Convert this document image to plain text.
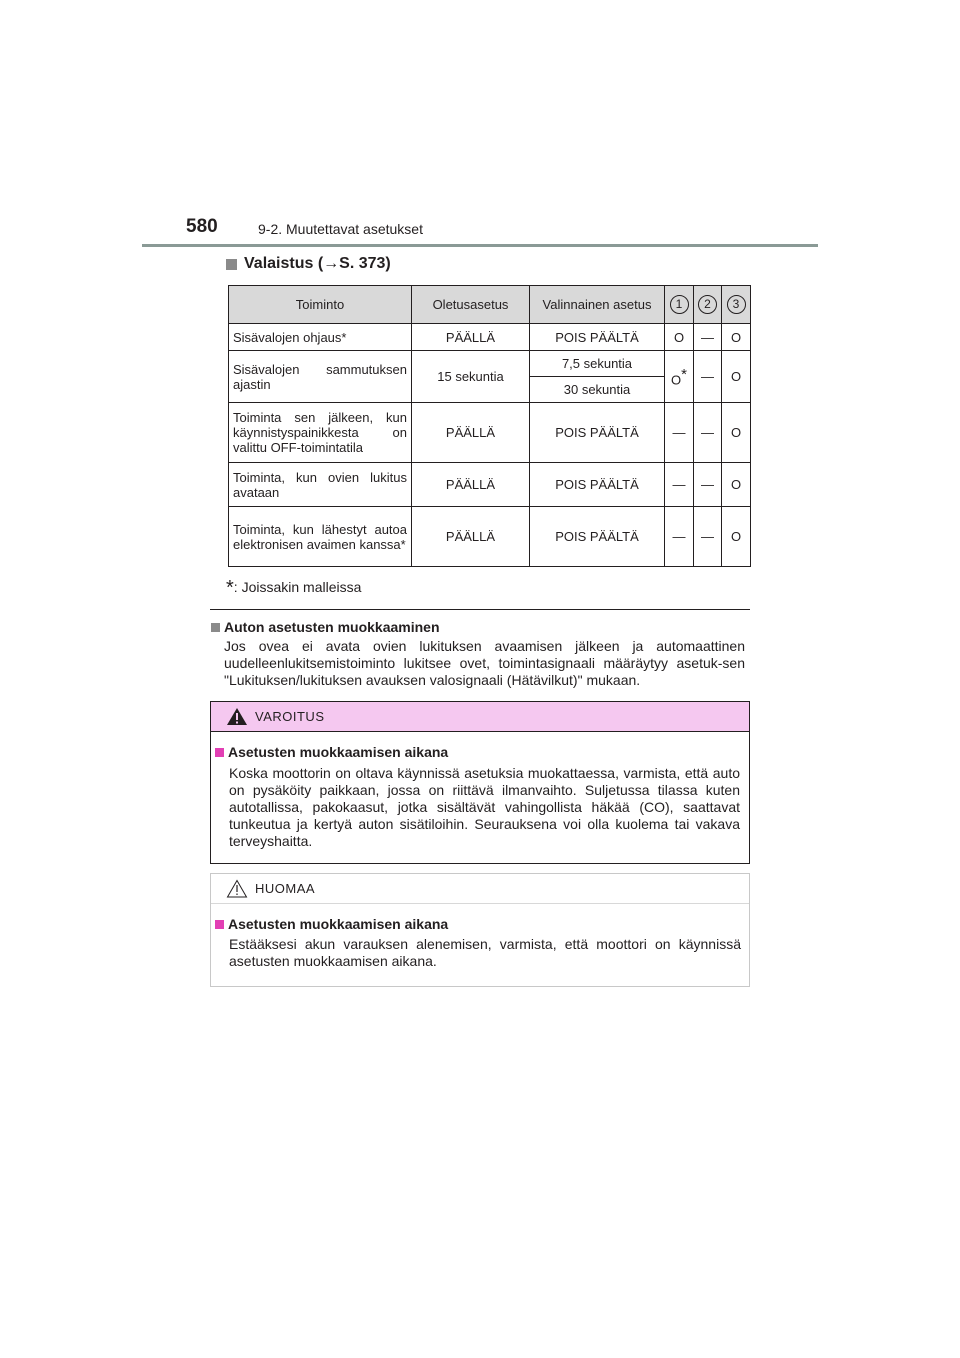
580	9-2. Muutettavat asetukset
Valaistus (→S. 373)
Toiminto	Oletusasetus	Valinnainen asetus	1	2	3
Sisävalojen ohjaus*	PÄÄLLÄ	POIS PÄÄLTÄ	O	—	O
Sisävalojen sammutuksen ajastin	15 sekuntia	7,5 sekuntia	O*	—	O
		30 sekuntia			
Toiminta sen jälkeen, kun käynnistyspainikkesta on valittu OFF-toimintatila	PÄÄLLÄ	POIS PÄÄLTÄ	—	—	O
Toiminta, kun ovien lukitus avataan	PÄÄLLÄ	POIS PÄÄLTÄ	—	—	O
Toiminta, kun lähestyt autoa elektronisen avaimen kanssa*	PÄÄLLÄ	POIS PÄÄLTÄ	—	—	O
*: Joissakin malleissa
Auton asetusten muokkaaminen
Jos ovea ei avata ovien lukituksen avaamisen jälkeen ja automaattinen uudelleenlukitsemistoiminto lukitsee ovet, toimintasignaali määräytyy asetuk-sen "Lukituksen/lukituksen avauksen valosignaali (Hätävilkut)" mukaan.
VAROITUS
Asetusten muokkaamisen aikana
Koska moottorin on oltava käynnissä asetuksia muokattaessa, varmista, että auto on pysäköity paikkaan, jossa on riittävä ilmanvaihto. Suljetussa tilassa kuten autotallissa, pakokaasut, jotka sisältävät vahingollista häkää (CO), saattavat tunkeutua ja kertyä auton sisätiloihin. Seurauksena voi olla kuolema tai vakava terveyshaitta.
HUOMAA
Asetusten muokkaamisen aikana
Estääksesi akun varauksen alenemisen, varmista, että moottori on käynnissä asetusten muokkaamisen aikana.
